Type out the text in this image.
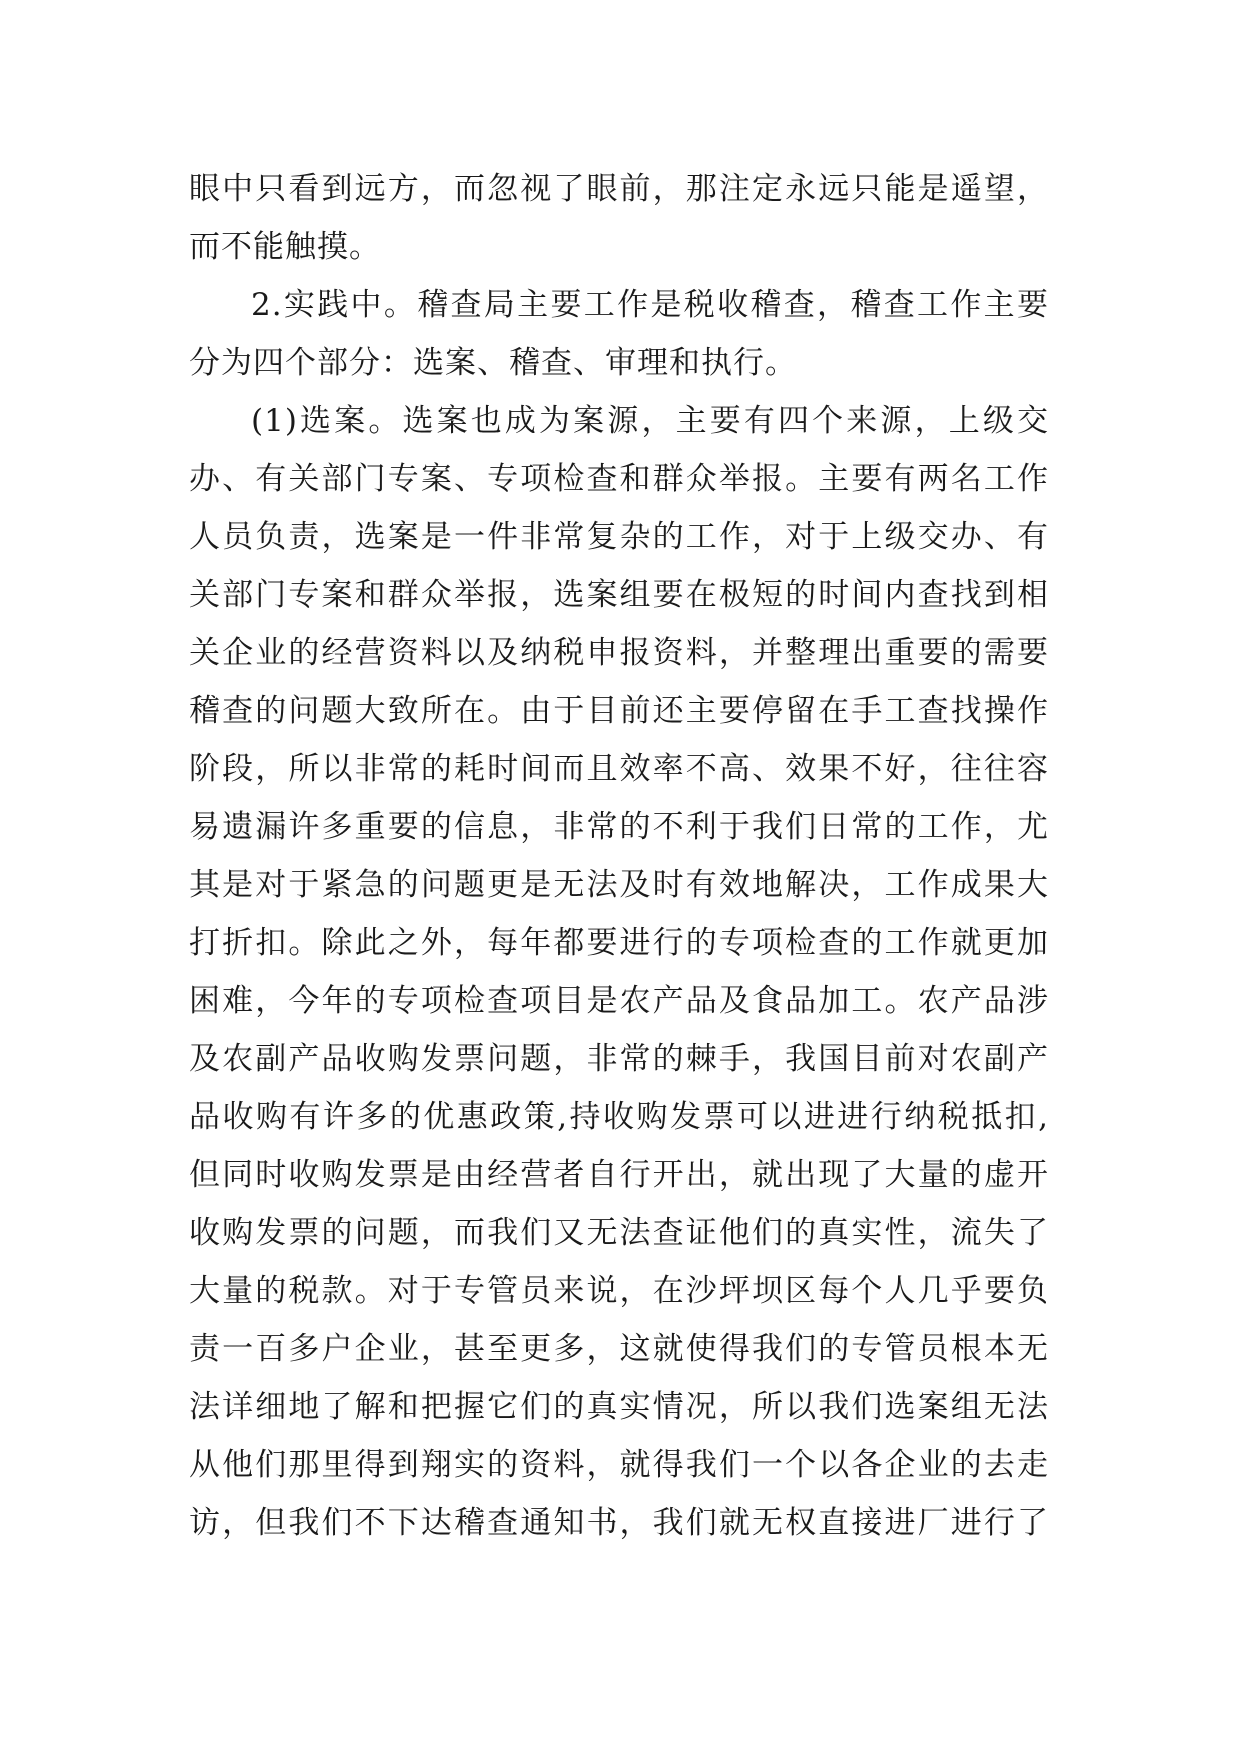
眼中只看到远方，而忽视了眼前，那注定永远只能是遥望，
而不能触摸。
2.实践中。稽查局主要工作是税收稽查，稽查工作主要
分为四个部分：选案、稽查、审理和执行。
(1)选案。选案也成为案源，主要有四个来源，上级交
办、有关部门专案、专项检查和群众举报。主要有两名工作
人员负责，选案是一件非常复杂的工作，对于上级交办、有
关部门专案和群众举报，选案组要在极短的时间内查找到相
关企业的经营资料以及纳税申报资料，并整理出重要的需要
稽查的问题大致所在。由于目前还主要停留在手工查找操作
阶段，所以非常的耗时间而且效率不高、效果不好，往往容
易遗漏许多重要的信息，非常的不利于我们日常的工作，尤
其是对于紧急的问题更是无法及时有效地解决，工作成果大
打折扣。除此之外，每年都要进行的专项检查的工作就更加
困难，今年的专项检查项目是农产品及食品加工。农产品涉
及农副产品收购发票问题，非常的棘手，我国目前对农副产
品收购有许多的优惠政策,持收购发票可以进进行纳税抵扣,
但同时收购发票是由经营者自行开出，就出现了大量的虚开
收购发票的问题，而我们又无法查证他们的真实性，流失了
大量的税款。对于专管员来说，在沙坪坝区每个人几乎要负
责一百多户企业，甚至更多，这就使得我们的专管员根本无
法详细地了解和把握它们的真实情况，所以我们选案组无法
从他们那里得到翔实的资料，就得我们一个以各企业的去走
访，但我们不下达稽查通知书，我们就无权直接进厂进行了
